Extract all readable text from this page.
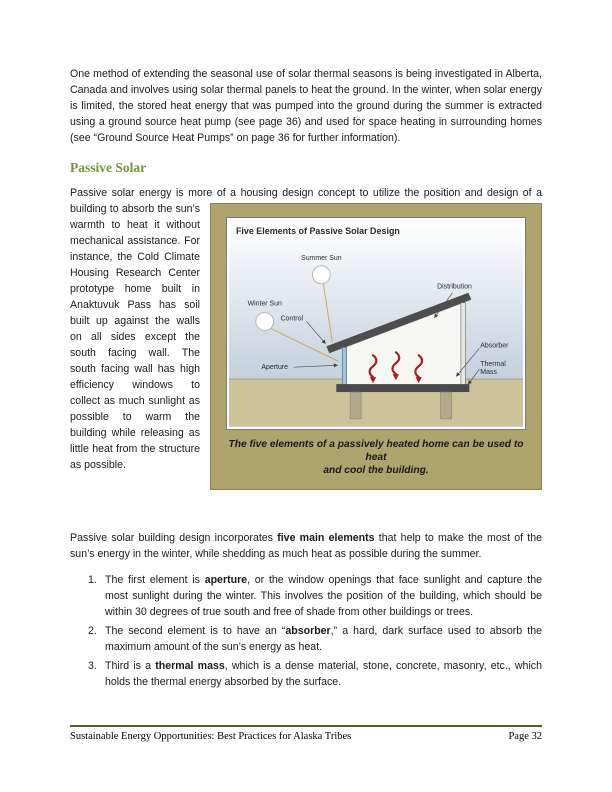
One method of extending the seasonal use of solar thermal seasons is being investigated in Alberta, Canada and involves using solar thermal panels to heat the ground. In the winter, when solar energy is limited, the stored heat energy that was pumped into the ground during the summer is extracted using a ground source heat pump (see page 36) and used for space heating in surrounding homes (see “Ground Source Heat Pumps” on page 36 for further information).
Passive Solar
Passive solar energy is more of a housing design concept to utilize the position and design of a
Five Elements of Passive Solar Design
Summer Sun
Winter Sun
Control
Aperture
Distribution
Absorber
Thermal
Mass
The five elements of a passively heated home can be used to heat
and cool the building.
building to absorb the sun’s warmth to heat it without mechanical assistance. For instance, the Cold Climate Housing Research Center prototype home built in Anaktuvuk Pass has soil built up against the walls on all sides except the south facing wall. The south facing wall has high efficiency windows to collect as much sunlight as possible to warm the building while releasing as little heat from the structure as possible.
Passive solar building design incorporates five main elements that help to make the most of the sun’s energy in the winter, while shedding as much heat as possible during the summer.
1. The first element is aperture, or the window openings that face sunlight and capture the most sunlight during the winter. This involves the position of the building, which should be within 30 degrees of true south and free of shade from other buildings or trees.
2. The second element is to have an “absorber,” a hard, dark surface used to absorb the maximum amount of the sun’s energy as heat.
3. Third is a thermal mass, which is a dense material, stone, concrete, masonry, etc., which holds the thermal energy absorbed by the surface.
Sustainable Energy Opportunities: Best Practices for Alaska Tribes	Page 32
